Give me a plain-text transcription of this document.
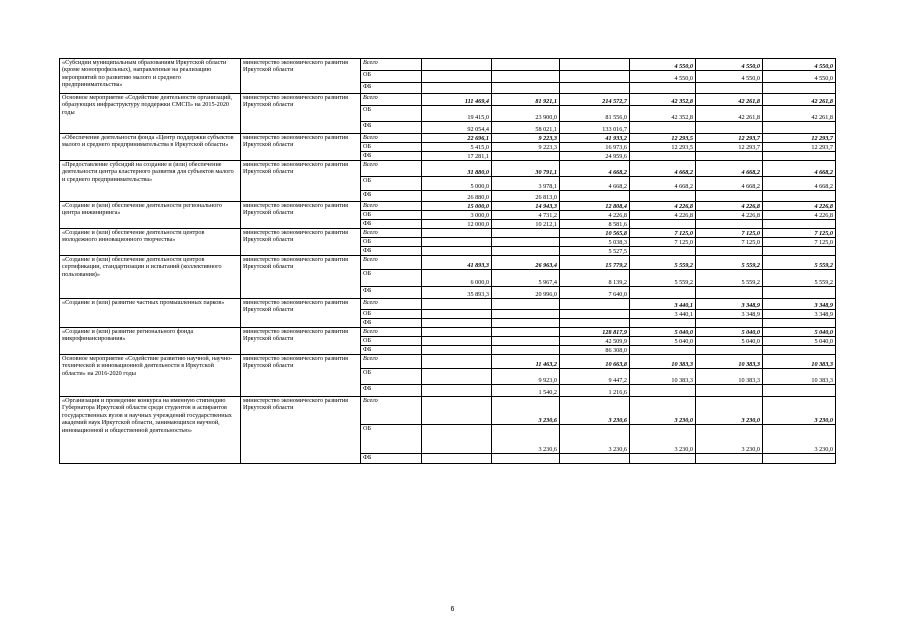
«Субсидии муниципальным образованиям Иркутской области (кроме монопрофильных), направленные на реализацию мероприятий по развитию малого и среднего предпринимательства»	министерство экономического развития Иркутской области	Всего				4 550,0	4 550,0	4 550,0
		ОБ				4 550,0	4 550,0	4 550,0
		ФБ						
Основное мероприятие «Содействие деятельности организаций, образующих инфраструктуру поддержки СМСП» на 2015-2020 годы	министерство экономического развития Иркутской области	Всего	111 469,4	81 921,1	214 572,7	42 352,8	42 261,8	42 261,8
		ОБ	19 415,0	23 900,0	81 556,0	42 352,8	42 261,8	42 261,8
		ФБ	92 054,4	58 021,1	133 016,7			
«Обеспечение деятельности фонда «Центр поддержки субъектов малого и среднего предпринимательства в Иркутской области»	министерство экономического развития Иркутской области	Всего	22 696,1	9 223,3	41 933,2	12 293,5	12 293,7	12 293,7
		ОБ	5 415,0	9 223,3	16 973,6	12 293,5	12 293,7	12 293,7
		ФБ	17 281,1		24 959,6			
«Предоставление субсидий на создание и (или) обеспечение деятельности центра кластерного развития для субъектов малого и среднего предпринимательства»	министерство экономического развития Иркутской области	Всего	31 880,0	30 791,1	4 668,2	4 668,2	4 668,2	4 668,2
		ОБ	5 000,0	3 978,1	4 668,2	4 668,2	4 668,2	4 668,2
		ФБ	26 880,0	26 813,0				
«Создание и (или) обеспечение деятельности регионального центра инжиниринга»	министерство экономического развития Иркутской области	Всего	15 000,0	14 943,3	12 808,4	4 226,8	4 226,8	4 226,8
		ОБ	3 000,0	4 731,2	4 226,8	4 226,8	4 226,8	4 226,8
		ФБ	12 000,0	10 212,1	8 581,6			
«Создание и (или) обеспечение деятельности центров молодежного инновационного творчества»	министерство экономического развития Иркутской области	Всего			10 565,8	7 125,0	7 125,0	7 125,0
		ОБ			5 038,3	7 125,0	7 125,0	7 125,0
		ФБ			5 527,5			
«Создание и (или) обеспечение деятельности центров сертификации, стандартизации и испытаний (коллективного пользования)»	министерство экономического развития Иркутской области	Всего	41 893,3	26 963,4	15 779,2	5 559,2	5 559,2	5 559,2
		ОБ	6 000,0	5 967,4	8 139,2	5 559,2	5 559,2	5 559,2
		ФБ	35 893,3	20 996,0	7 640,0			
«Создание и (или) развитие частных промышленных парков»	министерство экономического развития Иркутской области	Всего				3 440,1	3 348,9	3 348,9
		ОБ				3 440,1	3 348,9	3 348,9
		ФБ						
«Создание и (или) развитие регионального фонда микрофинансирования»	министерство экономического развития Иркутской области	Всего			128 817,9	5 040,0	5 040,0	5 040,0
		ОБ			42 509,9	5 040,0	5 040,0	5 040,0
		ФБ			86 308,0			
Основное мероприятие «Содействие развитию научной, научно-технической и инновационной деятельности в Иркутской области» на 2016-2020 годы	министерство экономического развития Иркутской области	Всего		11 463,2	10 663,8	10 383,3	10 383,3	10 383,3
		ОБ		9 923,0	9 447,2	10 383,3	10 383,3	10 383,3
		ФБ		1 540,2	1 216,6			
«Организация и проведение конкурса на именную стипендию Губернатора Иркутской области среди студентов и аспирантов государственных вузов и научных учреждений государственных академий наук Иркутской области, занимающихся научной, инновационной и общественной деятельностью»	министерство экономического развития Иркутской области	Всего		3 230,6	3 230,6	3 230,0	3 230,0	3 230,0
		ОБ		3 230,6	3 230,6	3 230,0	3 230,0	3 230,0
		ФБ						
6
